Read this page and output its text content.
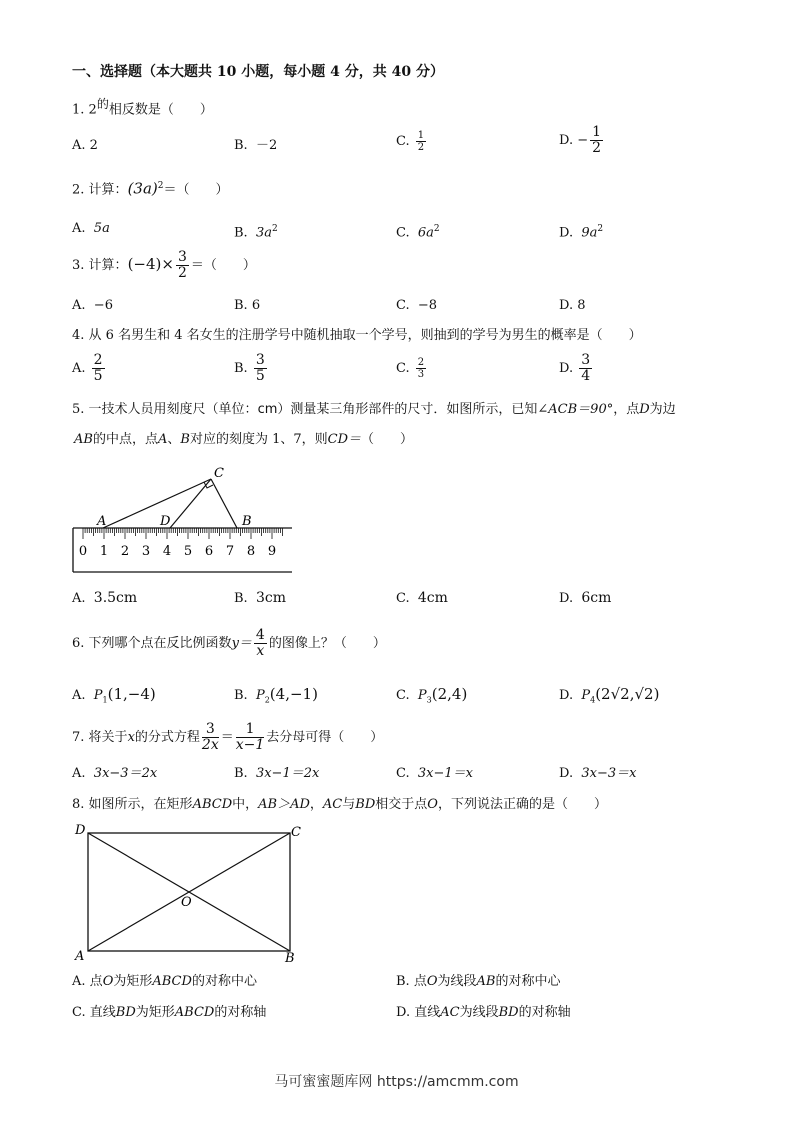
一、选择题（本大题共 10 小题，每小题 4 分，共 40 分）
1. $2^的$相反数是（　　）
A. 2	B. －2	C. $\frac{1}{2}$	D. − $\frac{1}{2}$
2. 计算：$(3a)^2=$（　　）
A. 5a	B. $3a^2$	C. $6a^2$	D. $9a^2$
3. 计算：$(-4)\times \frac{3}{2}$ ＝（　　）
A. −6	B. 6	C. −8	D. 8
4. 从 6 名男生和 4 名女生的注册学号中随机抽取一个学号，则抽到的学号为男生的概率是（　　）
A. $\frac{2}{5}$	B. $\frac{3}{5}$	C. $\frac{2}{3}$	D. $\frac{3}{4}$
5. 一技术人员用刻度尺（单位：cm）测量某三角形部件的尺寸．如图所示，已知∠ACB＝90°，点D为边
AB的中点，点A、B对应的刻度为 1、7，则CD＝（　　）
0 1 2 3 4 5 6 7 8 9
A	D
C
B
A. 3.5cm	B. 3cm	C. 4cm	D. 6cm
6. 下列哪个点在反比例函数$y= \frac{4}{x}$ 的图像上？（　　）
A. $P_1(1,-4)$	B. $P_2(4,-1)$	C. $P_3(2,4)$	D. $P_4(2√2,√2)$
7. 将关于x的分式方程 $\frac{3}{2x} = \frac{1}{x-1}$ 去分母可得（　　）
A. 3x−3＝2x	B. 3x−1＝2x	C. 3x−1＝x	D. 3x−3＝x
8. 如图所示，在矩形ABCD中，AB＞AD，AC与BD相交于点O，下列说法正确的是（　　）
D	C
O
A	B
A. 点O为矩形ABCD的对称中心	B. 点O为线段AB的对称中心
C. 直线BD为矩形ABCD的对称轴	D. 直线AC为线段BD的对称轴
马可蜜蜜题库网 https://amcmm.com
